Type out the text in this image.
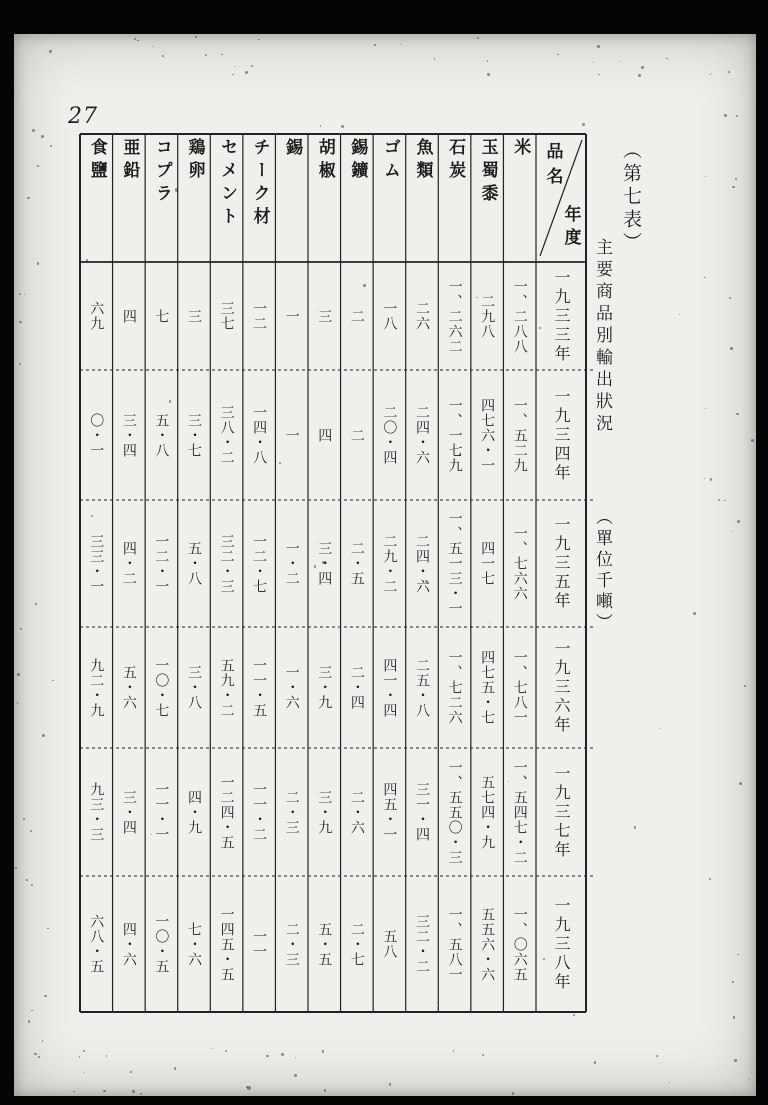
27
（第七表）
主要商品別輸出狀況
（單位千噸）
品
名
年
度
米
一、二八八
一、五二九
一、七六六
一、七八一
一、五四七・二
一、〇六五
玉蜀黍
二九八
四七六・一
四一七
四七五・七
五七四・九
五五六・六
石炭
一、二六二
一、一七九
一、五一三・一
一、七二六
一、五五〇・三
一、五八一
魚類
二六
二四・六
二四・六
二五・八
三一・四
三二・二
ゴム
一八
二〇・四
二九・二
四一・四
四五・一
五八
錫鑛
二
二
二・五
二・四
二・六
二・七
胡椒
三
四
三・四
三・九
三・九
五・五
錫
一
一
一・二
一・六
二・三
二・三
チーク材
一二
一四・八
一二・七
一一・五
一一・二
一一
セメント
三七
三八・二
三二・三
五九・二
一二四・五
一四五・五
鶏卵
三
三・七
五・八
三・八
四・九
七・六
コプラ
七
五・八
一二・一
一〇・七
一一・一
一〇・五
亜鉛
四
三・四
四・二
五・六
三・四
四・六
食鹽
六九
〇・一
三三・一
九二・九
九三・三
六八・五
一九三三年
一九三四年
一九三五年
一九三六年
一九三七年
一九三八年
